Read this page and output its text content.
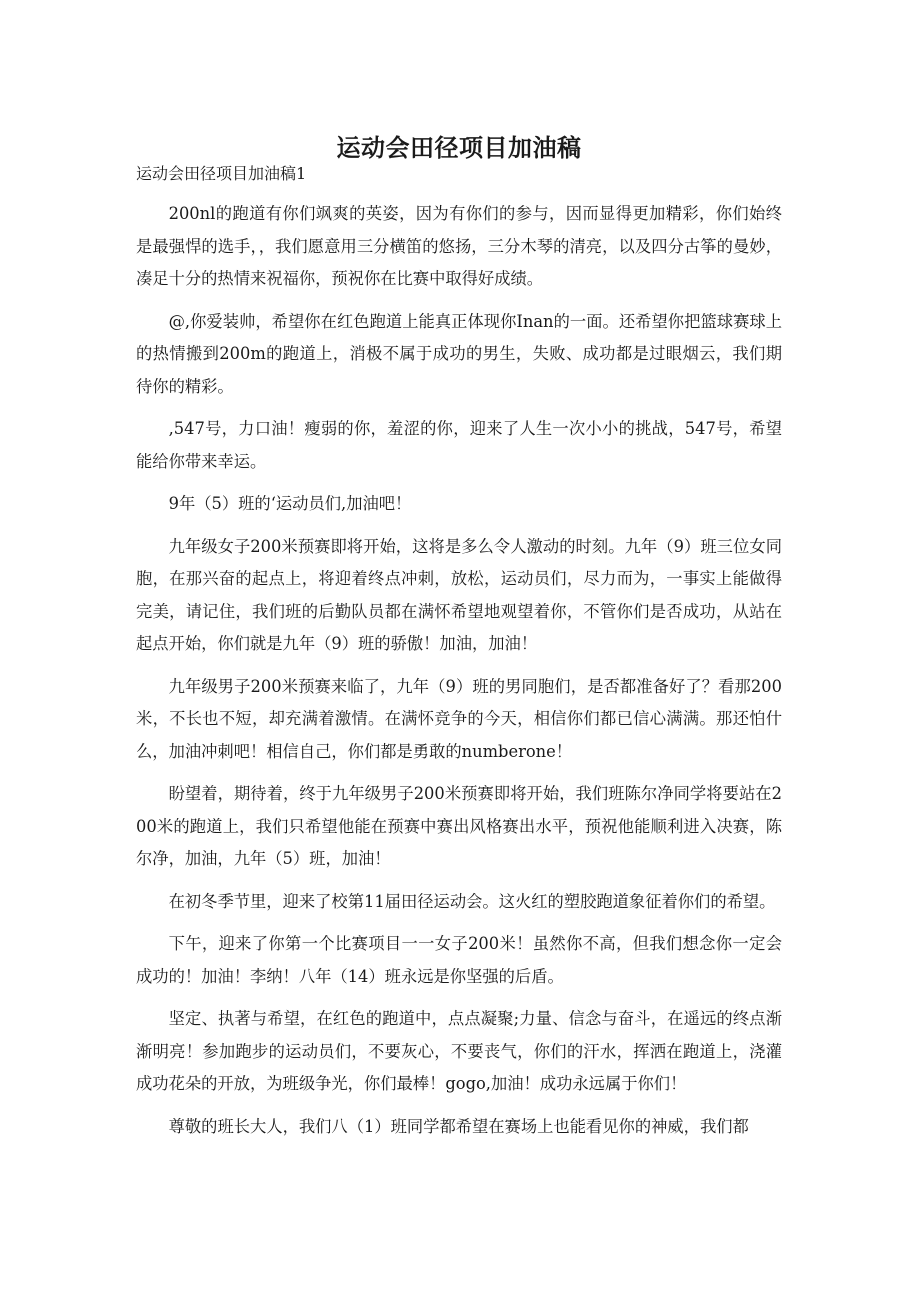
运动会田径项目加油稿
运动会田径项目加油稿1

200nl的跑道有你们飒爽的英姿，因为有你们的参与，因而显得更加精彩，你们始终是最强悍的选手，，我们愿意用三分横笛的悠扬，三分木琴的清亮，以及四分古筝的曼妙，凑足十分的热情来祝福你，预祝你在比赛中取得好成绩。

@,你爱装帅，希望你在红色跑道上能真正体现你Inan的一面。还希望你把篮球赛球上的热情搬到200m的跑道上，消极不属于成功的男生，失败、成功都是过眼烟云，我们期待你的精彩。

,547号，力口油！瘦弱的你，羞涩的你，迎来了人生一次小小的挑战，547号，希望能给你带来幸运。

9年（5）班的‘运动员们,加油吧！

九年级女子200米预赛即将开始，这将是多么令人激动的时刻。九年（9）班三位女同胞，在那兴奋的起点上，将迎着终点冲刺，放松，运动员们，尽力而为，一事实上能做得完美，请记住，我们班的后勤队员都在满怀希望地观望着你，不管你们是否成功，从站在起点开始，你们就是九年（9）班的骄傲！加油，加油！

九年级男子200米预赛来临了，九年（9）班的男同胞们，是否都准备好了？看那200米，不长也不短，却充满着激情。在满怀竞争的今天，相信你们都已信心满满。那还怕什么，加油冲刺吧！相信自己，你们都是勇敢的numberone！

盼望着，期待着，终于九年级男子200米预赛即将开始，我们班陈尔净同学将要站在200米的跑道上，我们只希望他能在预赛中赛出风格赛出水平，预祝他能顺利进入决赛，陈尔净，加油，九年（5）班，加油！

在初冬季节里，迎来了校第11届田径运动会。这火红的塑胶跑道象征着你们的希望。

下午，迎来了你第一个比赛项目一一女子200米！虽然你不高，但我们想念你一定会成功的！加油！李纳！八年（14）班永远是你坚强的后盾。

坚定、执著与希望，在红色的跑道中，点点凝聚;力量、信念与奋斗，在遥远的终点渐渐明亮！参加跑步的运动员们，不要灰心，不要丧气，你们的汗水，挥洒在跑道上，浇灌成功花朵的开放，为班级争光，你们最棒！gogo,加油！成功永远属于你们！

尊敬的班长大人，我们八（1）班同学都希望在赛场上也能看见你的神威，我们都
